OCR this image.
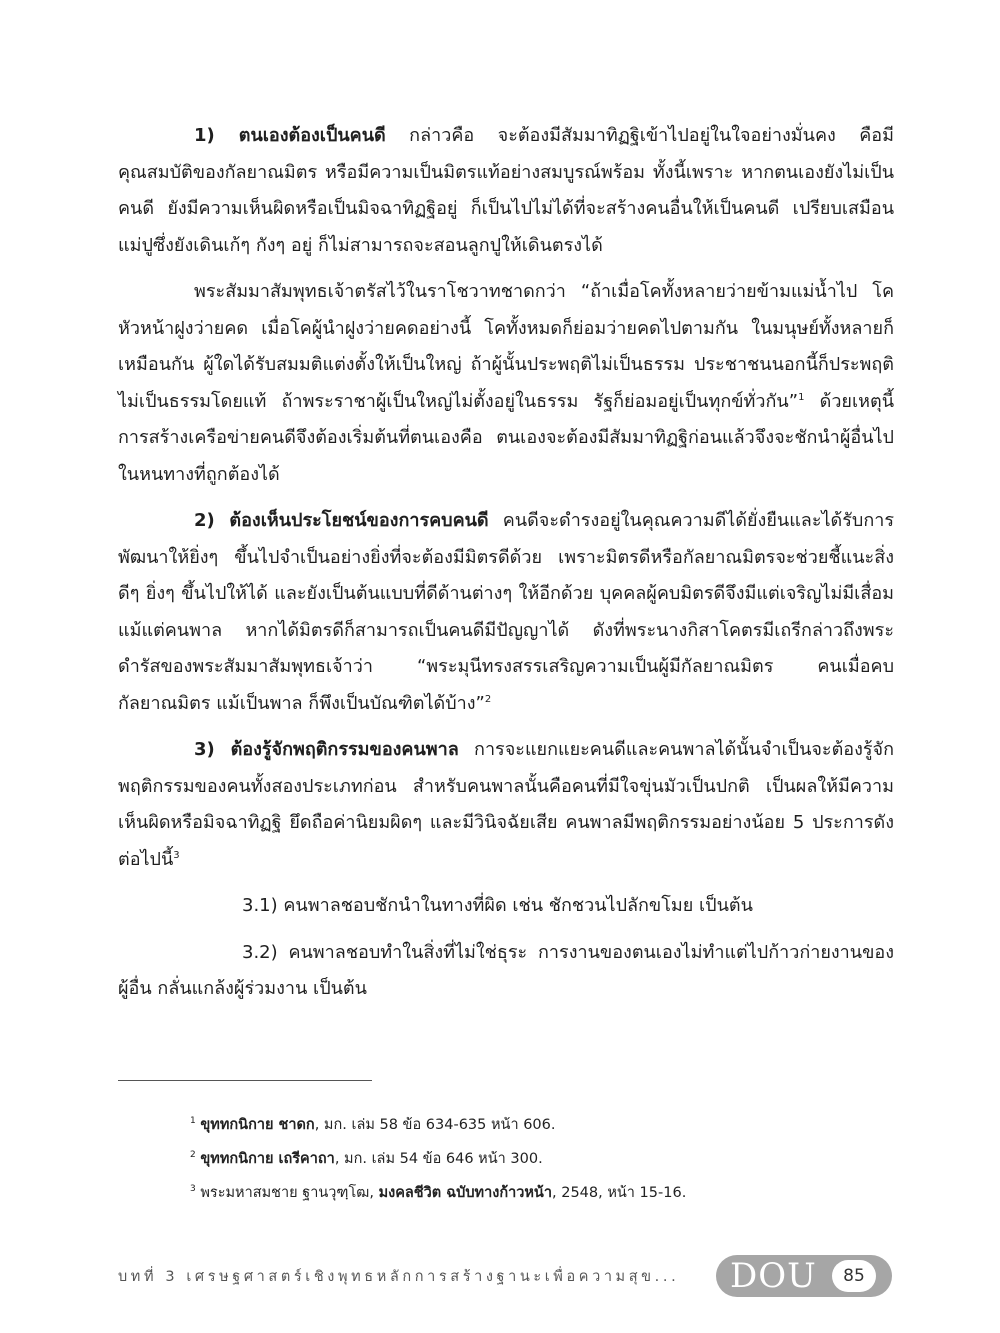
1) ตนเองต้องเป็นคนดี กล่าวคือ จะต้องมีสัมมาทิฏฐิเข้าไปอยู่ในใจอย่างมั่นคง คือมีคุณสมบัติของกัลยาณมิตร หรือมีความเป็นมิตรแท้อย่างสมบูรณ์พร้อม ทั้งนี้เพราะ หากตนเองยังไม่เป็นคนดี ยังมีความเห็นผิดหรือเป็นมิจฉาทิฏฐิอยู่ ก็เป็นไปไม่ได้ที่จะสร้างคนอื่นให้เป็นคนดี เปรียบเสมือนแม่ปูซึ่งยังเดินเก้ๆ กังๆ อยู่ ก็ไม่สามารถจะสอนลูกปูให้เดินตรงได้

พระสัมมาสัมพุทธเจ้าตรัสไว้ในราโชวาทชาดกว่า “ถ้าเมื่อโคทั้งหลายว่ายข้ามแม่น้ำไป โคหัวหน้าฝูงว่ายคด เมื่อโคผู้นำฝูงว่ายคดอย่างนี้ โคทั้งหมดก็ย่อมว่ายคดไปตามกัน ในมนุษย์ทั้งหลายก็เหมือนกัน ผู้ใดได้รับสมมติแต่งตั้งให้เป็นใหญ่ ถ้าผู้นั้นประพฤติไม่เป็นธรรม ประชาชนนอกนี้ก็ประพฤติไม่เป็นธรรมโดยแท้ ถ้าพระราชาผู้เป็นใหญ่ไม่ตั้งอยู่ในธรรม รัฐก็ย่อมอยู่เป็นทุกข์ทั่วกัน”$^1$ ด้วยเหตุนี้การสร้างเครือข่ายคนดีจึงต้องเริ่มต้นที่ตนเองคือ ตนเองจะต้องมีสัมมาทิฏฐิก่อนแล้วจึงจะชักนำผู้อื่นไปในหนทางที่ถูกต้องได้

2) ต้องเห็นประโยชน์ของการคบคนดี คนดีจะดำรงอยู่ในคุณความดีได้ยั่งยืนและได้รับการพัฒนาให้ยิ่งๆ ขึ้นไปจำเป็นอย่างยิ่งที่จะต้องมีมิตรดีด้วย เพราะมิตรดีหรือกัลยาณมิตรจะช่วยชี้แนะสิ่งดีๆ ยิ่งๆ ขึ้นไปให้ได้ และยังเป็นต้นแบบที่ดีด้านต่างๆ ให้อีกด้วย บุคคลผู้คบมิตรดีจึงมีแต่เจริญไม่มีเสื่อม แม้แต่คนพาล หากได้มิตรดีก็สามารถเป็นคนดีมีปัญญาได้ ดังที่พระนางกิสาโคตรมีเถรีกล่าวถึงพระดำรัสของพระสัมมาสัมพุทธเจ้าว่า “พระมุนีทรงสรรเสริญความเป็นผู้มีกัลยาณมิตร คนเมื่อคบกัลยาณมิตร แม้เป็นพาล ก็พึงเป็นบัณฑิตได้บ้าง”$^2$

3) ต้องรู้จักพฤติกรรมของคนพาล การจะแยกแยะคนดีและคนพาลได้นั้นจำเป็นจะต้องรู้จักพฤติกรรมของคนทั้งสองประเภทก่อน สำหรับคนพาลนั้นคือคนที่มีใจขุ่นมัวเป็นปกติ เป็นผลให้มีความเห็นผิดหรือมิจฉาทิฏฐิ ยึดถือค่านิยมผิดๆ และมีวินิจฉัยเสีย คนพาลมีพฤติกรรมอย่างน้อย 5 ประการดังต่อไปนี้$^3$

3.1) คนพาลชอบชักนำในทางที่ผิด เช่น ชักชวนไปลักขโมย เป็นต้น

3.2) คนพาลชอบทำในสิ่งที่ไม่ใช่ธุระ การงานของตนเองไม่ทำแต่ไปก้าวก่ายงานของผู้อื่น กลั่นแกล้งผู้ร่วมงาน เป็นต้น

$^1$ ขุททกนิกาย ชาดก, มก. เล่ม 58 ข้อ 634-635 หน้า 606.

$^2$ ขุททกนิกาย เถรีคาถา, มก. เล่ม 54 ข้อ 646 หน้า 300.

$^3$ พระมหาสมชาย ฐานวุฑฺโฒ, มงคลชีวิต ฉบับทางก้าวหน้า, 2548, หน้า 15-16.

บทที่ 3 เศรษฐศาสตร์เชิงพุทธหลักการสร้างฐานะเพื่อความสุข... DOU	85
